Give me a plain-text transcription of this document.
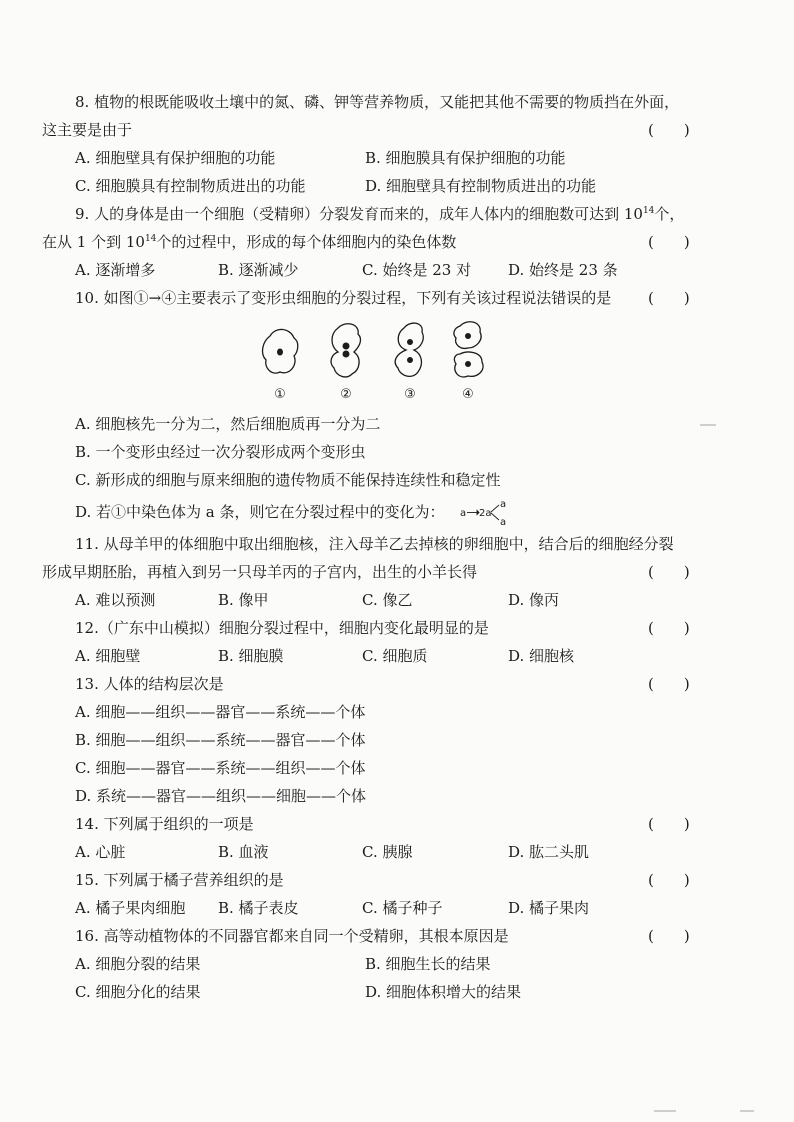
8. 植物的根既能吸收土壤中的氮、磷、钾等营养物质，又能把其他不需要的物质挡在外面，
这主要是由于	(　　)
A. 细胞壁具有保护细胞的功能	B. 细胞膜具有保护细胞的功能
C. 细胞膜具有控制物质进出的功能	D. 细胞壁具有控制物质进出的功能
9. 人的身体是由一个细胞（受精卵）分裂发育而来的，成年人体内的细胞数可达到 $10^{14}$个，
在从 1 个到 $10^{14}$个的过程中，形成的每个体细胞内的染色体数	(　　)
A. 逐渐增多	B. 逐渐减少	C. 始终是 23 对 D. 始终是 23 条
10. 如图①→④主要表示了变形虫细胞的分裂过程，下列有关该过程说法错误的是 (　　)
①	②	③	④
A. 细胞核先一分为二，然后细胞质再一分为二
B. 一个变形虫经过一次分裂形成两个变形虫
C. 新形成的细胞与原来细胞的遗传物质不能保持连续性和稳定性
D. 若①中染色体为 a 条，则它在分裂过程中的变化为： a 2a
a
a
11. 从母羊甲的体细胞中取出细胞核，注入母羊乙去掉核的卵细胞中，结合后的细胞经分裂
形成早期胚胎，再植入到另一只母羊丙的子宫内，出生的小羊长得	(　　)
A. 难以预测	B. 像甲	C. 像乙	D. 像丙
12.（广东中山模拟）细胞分裂过程中，细胞内变化最明显的是	(　　)
A. 细胞壁	B. 细胞膜	C. 细胞质	D. 细胞核
13. 人体的结构层次是	(　　)
A. 细胞——组织——器官——系统——个体
B. 细胞——组织——系统——器官——个体
C. 细胞——器官——系统——组织——个体
D. 系统——器官——组织——细胞——个体
14. 下列属于组织的一项是	(　　)
A. 心脏	B. 血液	C. 胰腺	D. 肱二头肌
15. 下列属于橘子营养组织的是	(　　)
A. 橘子果肉细胞 B. 橘子表皮	C. 橘子种子	D. 橘子果肉
16. 高等动植物体的不同器官都来自同一个受精卵，其根本原因是	(　　)
A. 细胞分裂的结果	B. 细胞生长的结果
C. 细胞分化的结果	D. 细胞体积增大的结果
